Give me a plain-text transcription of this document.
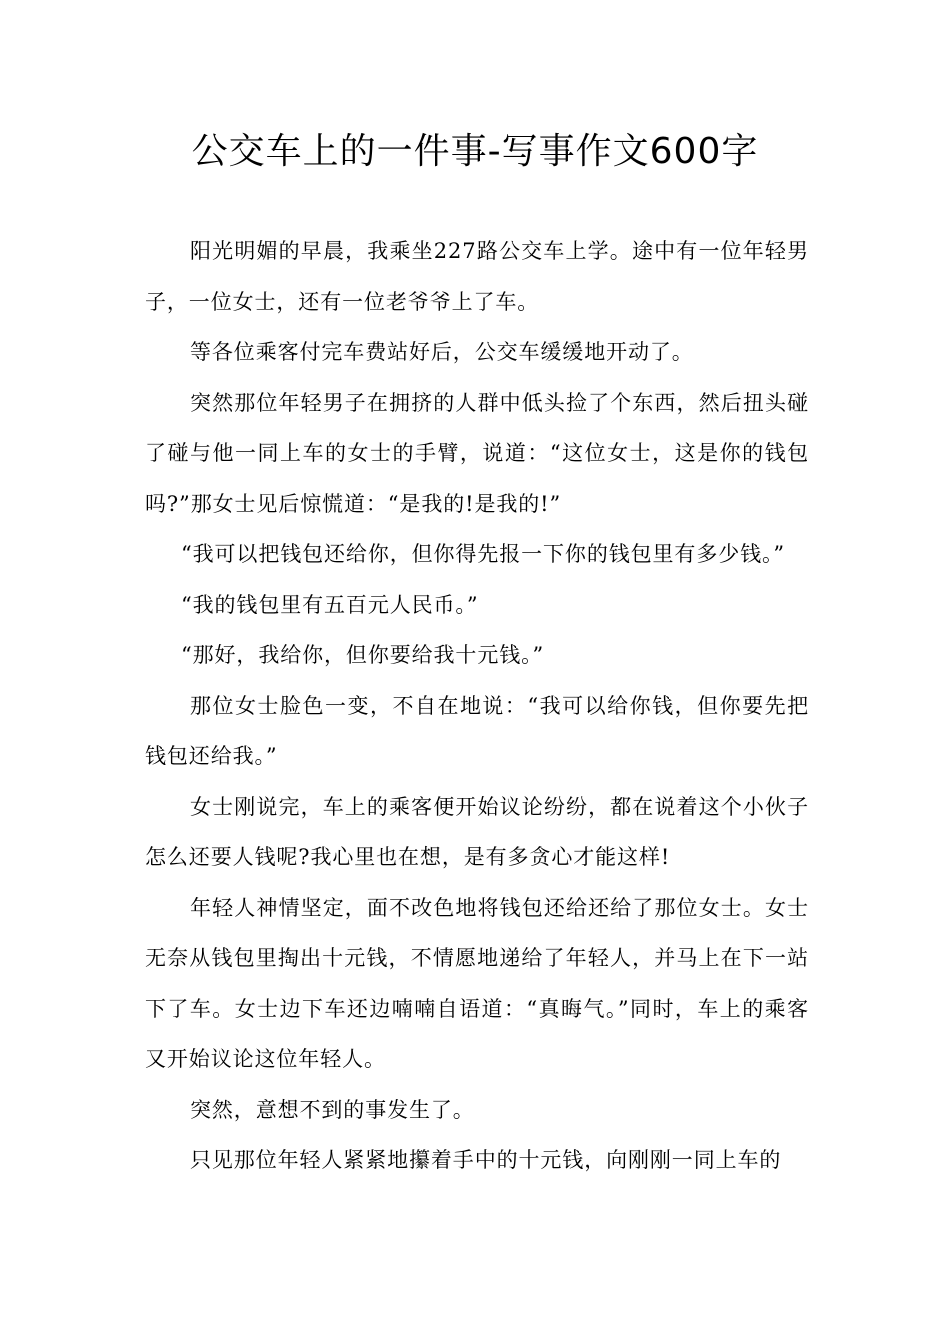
公交车上的一件事-写事作文600字

阳光明媚的早晨，我乘坐227路公交车上学。途中有一位年轻男子，一位女士，还有一位老爷爷上了车。

等各位乘客付完车费站好后，公交车缓缓地开动了。

突然那位年轻男子在拥挤的人群中低头捡了个东西，然后扭头碰了碰与他一同上车的女士的手臂，说道：“这位女士，这是你的钱包吗?”那女士见后惊慌道：“是我的!是我的!”

“我可以把钱包还给你，但你得先报一下你的钱包里有多少钱。”

“我的钱包里有五百元人民币。”

“那好，我给你，但你要给我十元钱。”

那位女士脸色一变，不自在地说：“我可以给你钱，但你要先把钱包还给我。”

女士刚说完，车上的乘客便开始议论纷纷，都在说着这个小伙子怎么还要人钱呢?我心里也在想，是有多贪心才能这样!

年轻人神情坚定，面不改色地将钱包还给还给了那位女士。女士无奈从钱包里掏出十元钱，不情愿地递给了年轻人，并马上在下一站下了车。女士边下车还边喃喃自语道：“真晦气。”同时，车上的乘客又开始议论这位年轻人。

突然，意想不到的事发生了。

只见那位年轻人紧紧地攥着手中的十元钱，向刚刚一同上车的
